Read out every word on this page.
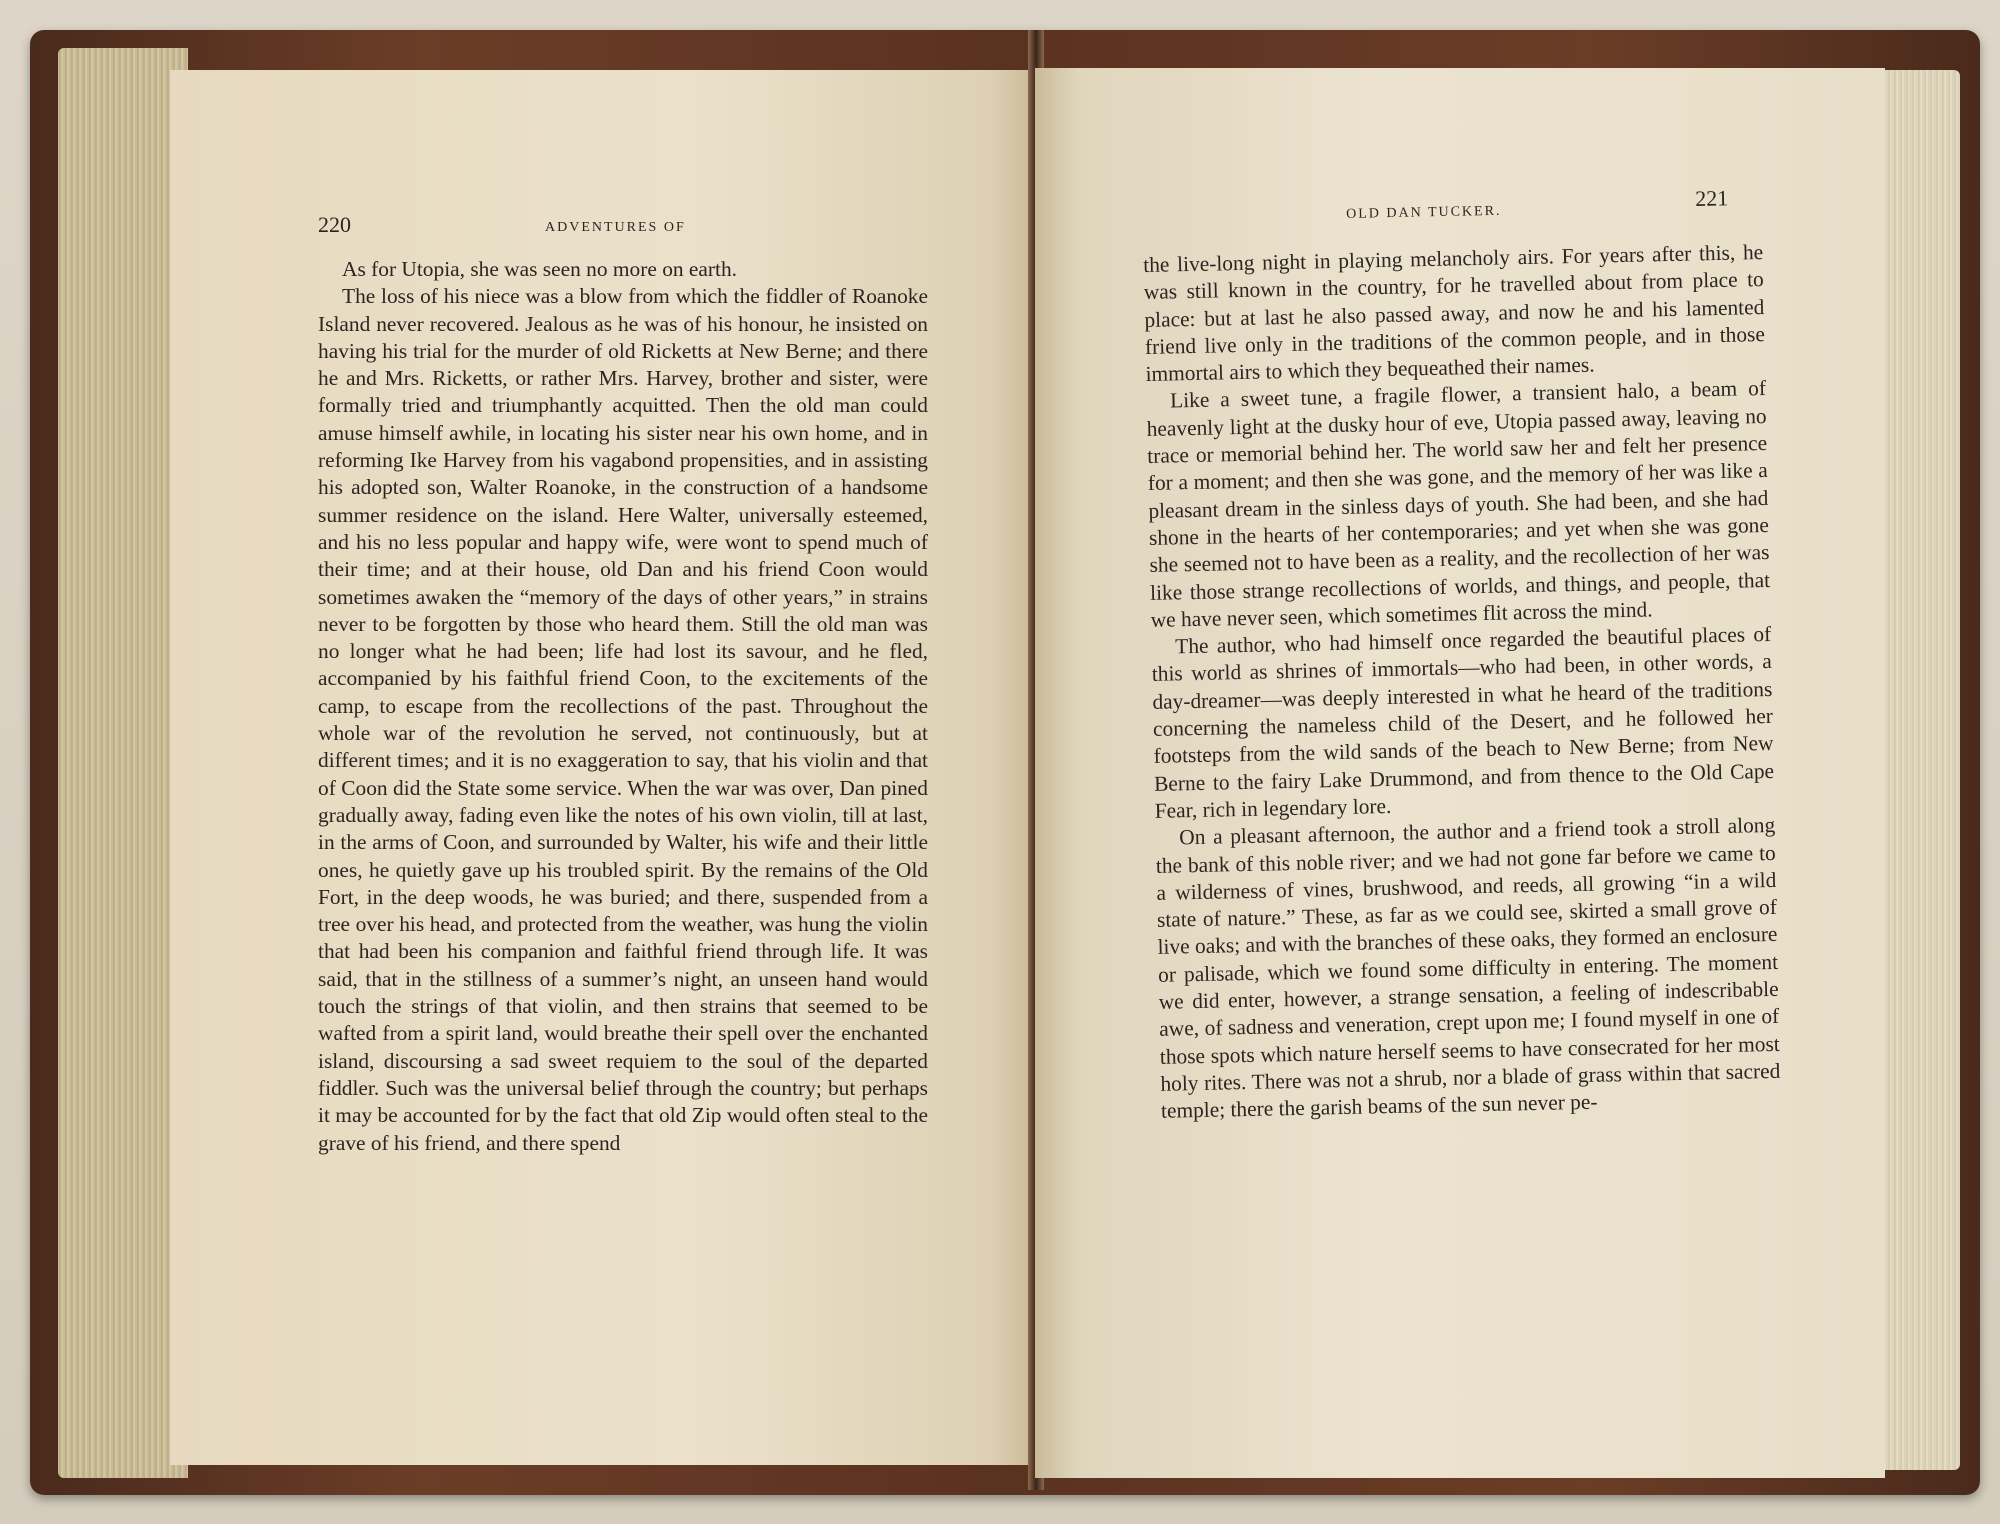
220	ADVENTURES OF

As for Utopia, she was seen no more on earth.

The loss of his niece was a blow from which the fiddler of Roanoke Island never recovered. Jealous as he was of his honour, he insisted on having his trial for the murder of old Ricketts at New Berne; and there he and Mrs. Ricketts, or rather Mrs. Harvey, brother and sister, were formally tried and triumphantly acquitted. Then the old man could amuse himself awhile, in locating his sister near his own home, and in reforming Ike Harvey from his vagabond propensities, and in assisting his adopted son, Walter Roanoke, in the construction of a handsome summer residence on the island. Here Walter, universally esteemed, and his no less popular and happy wife, were wont to spend much of their time; and at their house, old Dan and his friend Coon would sometimes awaken the “memory of the days of other years,” in strains never to be forgotten by those who heard them. Still the old man was no longer what he had been; life had lost its savour, and he fled, accompanied by his faithful friend Coon, to the excitements of the camp, to escape from the recollections of the past. Throughout the whole war of the revolution he served, not continuously, but at different times; and it is no exaggeration to say, that his violin and that of Coon did the State some service. When the war was over, Dan pined gradually away, fading even like the notes of his own violin, till at last, in the arms of Coon, and surrounded by Walter, his wife and their little ones, he quietly gave up his troubled spirit. By the remains of the Old Fort, in the deep woods, he was buried; and there, suspended from a tree over his head, and protected from the weather, was hung the violin that had been his companion and faithful friend through life. It was said, that in the stillness of a summer’s night, an unseen hand would touch the strings of that violin, and then strains that seemed to be wafted from a spirit land, would breathe their spell over the enchanted island, discoursing a sad sweet requiem to the soul of the departed fiddler. Such was the universal belief through the country; but perhaps it may be accounted for by the fact that old Zip would often steal to the grave of his friend, and there spend

OLD DAN TUCKER.
221

the live-long night in playing melancholy airs. For years after this, he was still known in the country, for he travelled about from place to place: but at last he also passed away, and now he and his lamented friend live only in the traditions of the common people, and in those immortal airs to which they bequeathed their names.

Like a sweet tune, a fragile flower, a transient halo, a beam of heavenly light at the dusky hour of eve, Utopia passed away, leaving no trace or memorial behind her. The world saw her and felt her presence for a moment; and then she was gone, and the memory of her was like a pleasant dream in the sinless days of youth. She had been, and she had shone in the hearts of her contemporaries; and yet when she was gone she seemed not to have been as a reality, and the recollection of her was like those strange recollections of worlds, and things, and people, that we have never seen, which sometimes flit across the mind.

The author, who had himself once regarded the beautiful places of this world as shrines of immortals—who had been, in other words, a day-dreamer—was deeply interested in what he heard of the traditions concerning the nameless child of the Desert, and he followed her footsteps from the wild sands of the beach to New Berne; from New Berne to the fairy Lake Drummond, and from thence to the Old Cape Fear, rich in legendary lore.

On a pleasant afternoon, the author and a friend took a stroll along the bank of this noble river; and we had not gone far before we came to a wilderness of vines, brushwood, and reeds, all growing “in a wild state of nature.” These, as far as we could see, skirted a small grove of live oaks; and with the branches of these oaks, they formed an enclosure or palisade, which we found some difficulty in entering. The moment we did enter, however, a strange sensation, a feeling of indescribable awe, of sadness and veneration, crept upon me; I found myself in one of those spots which nature herself seems to have consecrated for her most holy rites. There was not a shrub, nor a blade of grass within that sacred temple; there the garish beams of the sun never pe-
